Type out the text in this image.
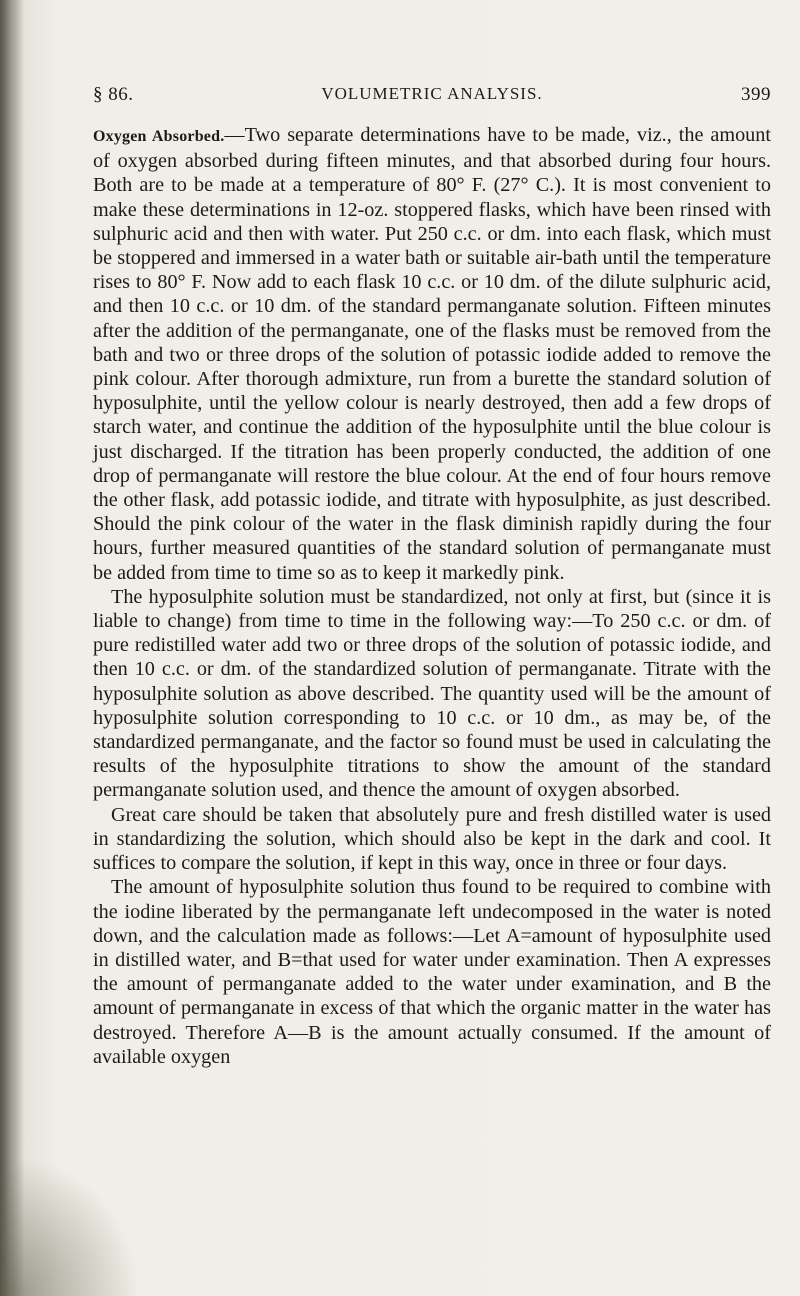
§ 86.	VOLUMETRIC ANALYSIS.	399

Oxygen Absorbed.—Two separate determinations have to be made, viz., the amount of oxygen absorbed during fifteen minutes, and that absorbed during four hours. Both are to be made at a temperature of 80° F. (27° C.). It is most convenient to make these determinations in 12-oz. stoppered flasks, which have been rinsed with sulphuric acid and then with water. Put 250 c.c. or dm. into each flask, which must be stoppered and immersed in a water bath or suitable air-bath until the temperature rises to 80° F. Now add to each flask 10 c.c. or 10 dm. of the dilute sulphuric acid, and then 10 c.c. or 10 dm. of the standard permanganate solution. Fifteen minutes after the addition of the permanganate, one of the flasks must be removed from the bath and two or three drops of the solution of potassic iodide added to remove the pink colour. After thorough admixture, run from a burette the standard solution of hyposulphite, until the yellow colour is nearly destroyed, then add a few drops of starch water, and continue the addition of the hyposulphite until the blue colour is just discharged. If the titration has been properly conducted, the addition of one drop of permanganate will restore the blue colour. At the end of four hours remove the other flask, add potassic iodide, and titrate with hyposulphite, as just described. Should the pink colour of the water in the flask diminish rapidly during the four hours, further measured quantities of the standard solution of permanganate must be added from time to time so as to keep it markedly pink.

The hyposulphite solution must be standardized, not only at first, but (since it is liable to change) from time to time in the following way:—To 250 c.c. or dm. of pure redistilled water add two or three drops of the solution of potassic iodide, and then 10 c.c. or dm. of the standardized solution of permanganate. Titrate with the hyposulphite solution as above described. The quantity used will be the amount of hyposulphite solution corresponding to 10 c.c. or 10 dm., as may be, of the standardized permanganate, and the factor so found must be used in calculating the results of the hyposulphite titrations to show the amount of the standard permanganate solution used, and thence the amount of oxygen absorbed.

Great care should be taken that absolutely pure and fresh distilled water is used in standardizing the solution, which should also be kept in the dark and cool. It suffices to compare the solution, if kept in this way, once in three or four days.

The amount of hyposulphite solution thus found to be required to combine with the iodine liberated by the permanganate left undecomposed in the water is noted down, and the calculation made as follows:—Let A=amount of hyposulphite used in distilled water, and B=that used for water under examination. Then A expresses the amount of permanganate added to the water under examination, and B the amount of permanganate in excess of that which the organic matter in the water has destroyed. Therefore A—B is the amount actually consumed. If the amount of available oxygen
